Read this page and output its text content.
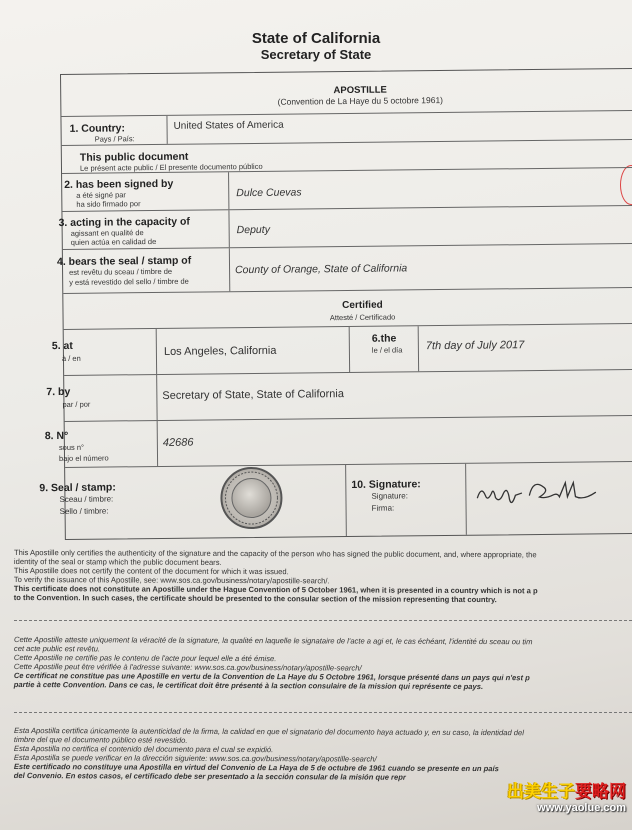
State of California
Secretary of State
APOSTILLE
(Convention de La Haye du 5 octobre 1961)
1. Country:
Pays / País:
United States of America
This public document
Le présent acte public / El presente documento público
2. has been signed by
a été signé par
ha sido firmado por
Dulce Cuevas
3. acting in the capacity of
agissant en qualité de
quien actúa en calidad de
Deputy
4. bears the seal / stamp of
est revêtu du sceau / timbre de
y está revestido del sello / timbre de
County of Orange, State of California
Certified
Attesté / Certificado
5. at
à / en
Los Angeles, California
6.the
le / el día 7th day of July 2017
7. by
par / por
Secretary of State, State of California
8. N°
sous n°
bajo el número
42686
9. Seal / stamp:
Sceau / timbre:
Sello / timbre:
10. Signature:
Signature:
Firma:

This Apostille only certifies the authenticity of the signature and the capacity of the person who has signed the public document, and, where appropriate, the

identity of the seal or stamp which the public document bears.

This Apostille does not certify the content of the document for which it was issued.

To verify the issuance of this Apostille, see: www.sos.ca.gov/business/notary/apostille-search/.

This certificate does not constitute an Apostille under the Hague Convention of 5 October 1961, when it is presented in a country which is not a p

to the Convention. In such cases, the certificate should be presented to the consular section of the mission representing that country.

Cette Apostille atteste uniquement la véracité de la signature, la qualité en laquelle le signataire de l'acte a agi et, le cas échéant, l'identité du sceau ou tim

cet acte public est revêtu.

Cette Apostille ne certifie pas le contenu de l'acte pour lequel elle a été émise.

Cette Apostille peut être vérifiée à l'adresse suivante: www.sos.ca.gov/business/notary/apostille-search/

Ce certificat ne constitue pas une Apostille en vertu de la Convention de La Haye du 5 Octobre 1961, lorsque présenté dans un pays qui n'est p

partie à cette Convention. Dans ce cas, le certificat doit être présenté à la section consulaire de la mission qui représente ce pays.

Esta Apostilla certifica únicamente la autenticidad de la firma, la calidad en que el signatario del documento haya actuado y, en su caso, la identidad del

timbre del que el documento público esté revestido.

Esta Apostilla no certifica el contenido del documento para el cual se expidió.

Esta Apostilla se puede verificar en la dirección siguiente: www.sos.ca.gov/business/notary/apostille-search/

Este certificado no constituye una Apostilla en virtud del Convenio de La Haya de 5 de octubre de 1961 cuando se presente en un país

del Convenio. En estos casos, el certificado debe ser presentado a la sección consular de la misión que repr

出美生子要略网
www.yaolue.com
